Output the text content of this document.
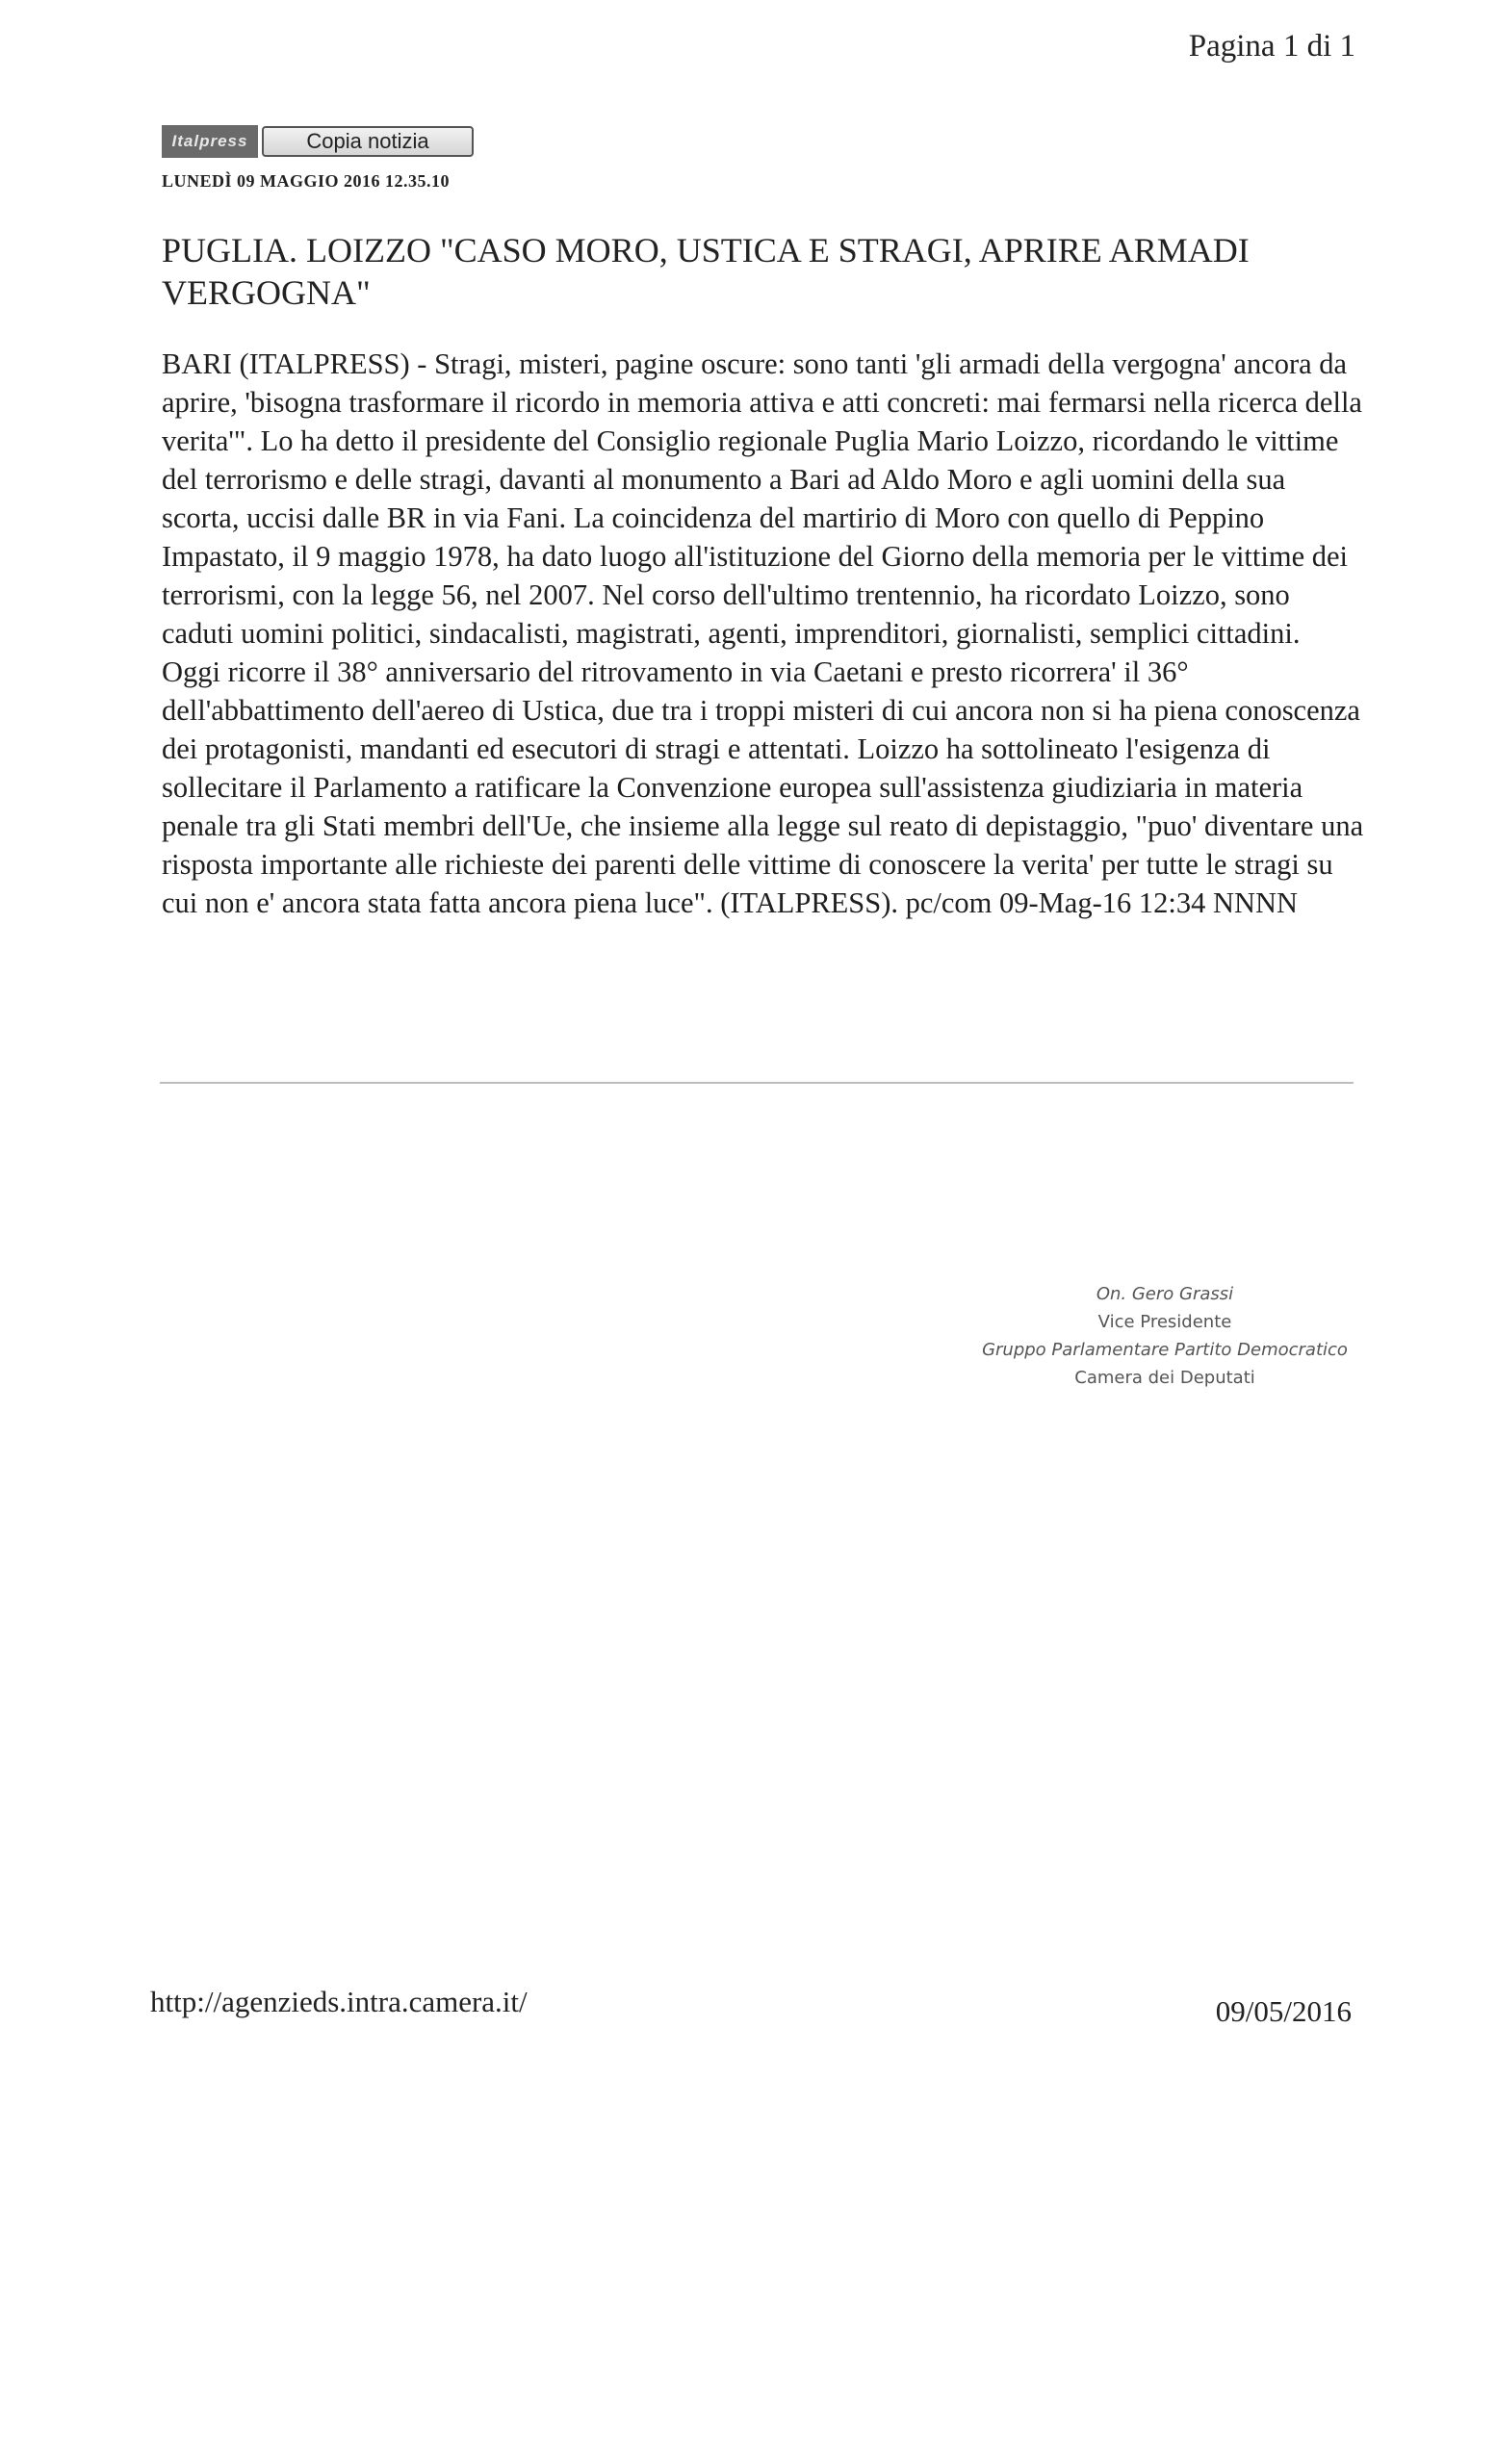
Pagina 1 di 1
Italpress	Copia notizia
LUNEDÌ 09 MAGGIO 2016 12.35.10
PUGLIA. LOIZZO "CASO MORO, USTICA E STRAGI, APRIRE ARMADI VERGOGNA"

BARI (ITALPRESS) - Stragi, misteri, pagine oscure: sono tanti 'gli armadi della vergogna' ancora da aprire, 'bisogna trasformare il ricordo in memoria attiva e atti concreti: mai fermarsi nella ricerca della verita'". Lo ha detto il presidente del Consiglio regionale Puglia Mario Loizzo, ricordando le vittime del terrorismo e delle stragi, davanti al monumento a Bari ad Aldo Moro e agli uomini della sua scorta, uccisi dalle BR in via Fani. La coincidenza del martirio di Moro con quello di Peppino Impastato, il 9 maggio 1978, ha dato luogo all'istituzione del Giorno della memoria per le vittime dei terrorismi, con la legge 56, nel 2007. Nel corso dell'ultimo trentennio, ha ricordato Loizzo, sono caduti uomini politici, sindacalisti, magistrati, agenti, imprenditori, giornalisti, semplici cittadini. Oggi ricorre il 38° anniversario del ritrovamento in via Caetani e presto ricorrera' il 36° dell'abbattimento dell'aereo di Ustica, due tra i troppi misteri di cui ancora non si ha piena conoscenza dei protagonisti, mandanti ed esecutori di stragi e attentati. Loizzo ha sottolineato l'esigenza di sollecitare il Parlamento a ratificare la Convenzione europea sull'assistenza giudiziaria in materia penale tra gli Stati membri dell'Ue, che insieme alla legge sul reato di depistaggio, "puo' diventare una risposta importante alle richieste dei parenti delle vittime di conoscere la verita' per tutte le stragi su cui non e' ancora stata fatta ancora piena luce". (ITALPRESS). pc/com 09-Mag-16 12:34 NNNN

On. Gero Grassi
Vice Presidente
Gruppo Parlamentare Partito Democratico
Camera dei Deputati
http://agenzieds.intra.camera.it/	09/05/2016
